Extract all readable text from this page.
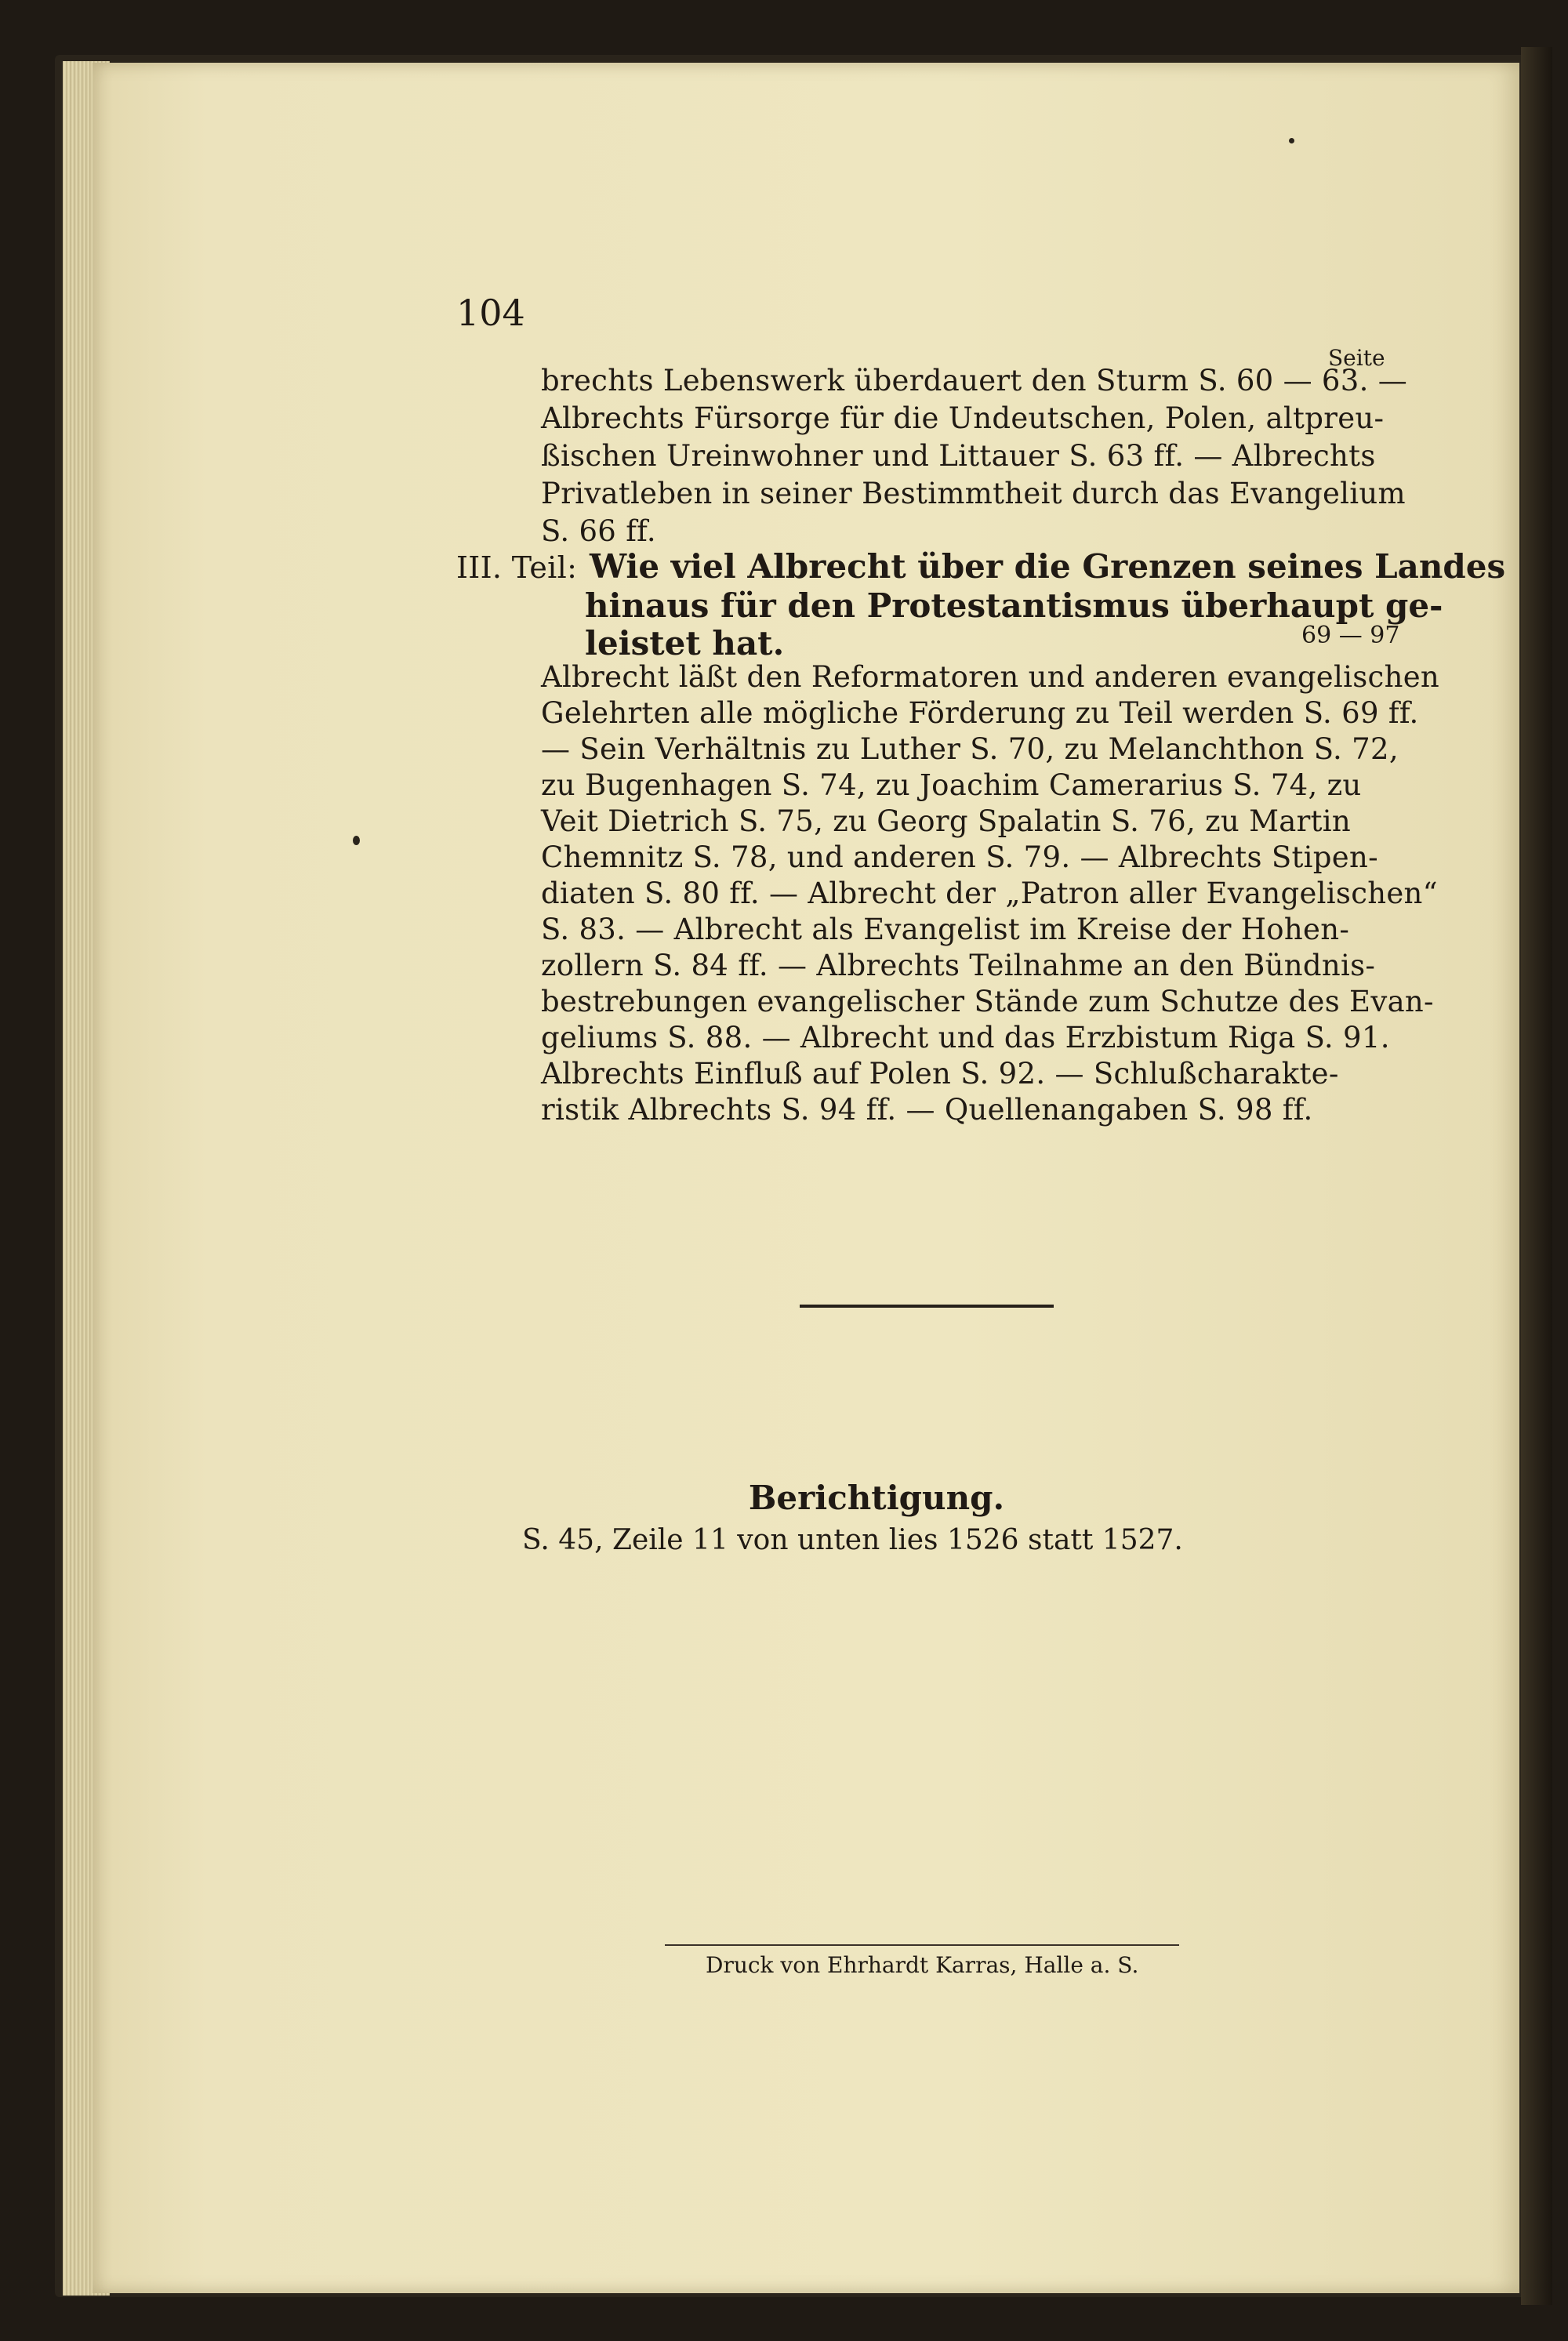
104
Seite
brechts Lebenswerk überdauert den Sturm S. 60 — 63. —
Albrechts Fürsorge für die Undeutschen, Polen, altpreu-
ßischen Ureinwohner und Littauer S. 63 ff. — Albrechts
Privatleben in seiner Bestimmtheit durch das Evangelium
S. 66 ff.
III. Teil: Wie viel Albrecht über die Grenzen seines Landes
hinaus für den Protestantismus überhaupt ge-
leistet hat.	69 — 97
Albrecht läßt den Reformatoren und anderen evangelischen
Gelehrten alle mögliche Förderung zu Teil werden S. 69 ff.
— Sein Verhältnis zu Luther S. 70, zu Melanchthon S. 72,
zu Bugenhagen S. 74, zu Joachim Camerarius S. 74, zu
Veit Dietrich S. 75, zu Georg Spalatin S. 76, zu Martin
Chemnitz S. 78, und anderen S. 79. — Albrechts Stipen-
diaten S. 80 ff. — Albrecht der „Patron aller Evangelischen“
S. 83. — Albrecht als Evangelist im Kreise der Hohen-
zollern S. 84 ff. — Albrechts Teilnahme an den Bündnis-
bestrebungen evangelischer Stände zum Schutze des Evan-
geliums S. 88. — Albrecht und das Erzbistum Riga S. 91.
Albrechts Einfluß auf Polen S. 92. — Schlußcharakte-
ristik Albrechts S. 94 ff. — Quellenangaben S. 98 ff.
Berichtigung.
S. 45, Zeile 11 von unten lies 1526 statt 1527.
Druck von Ehrhardt Karras, Halle a. S.
